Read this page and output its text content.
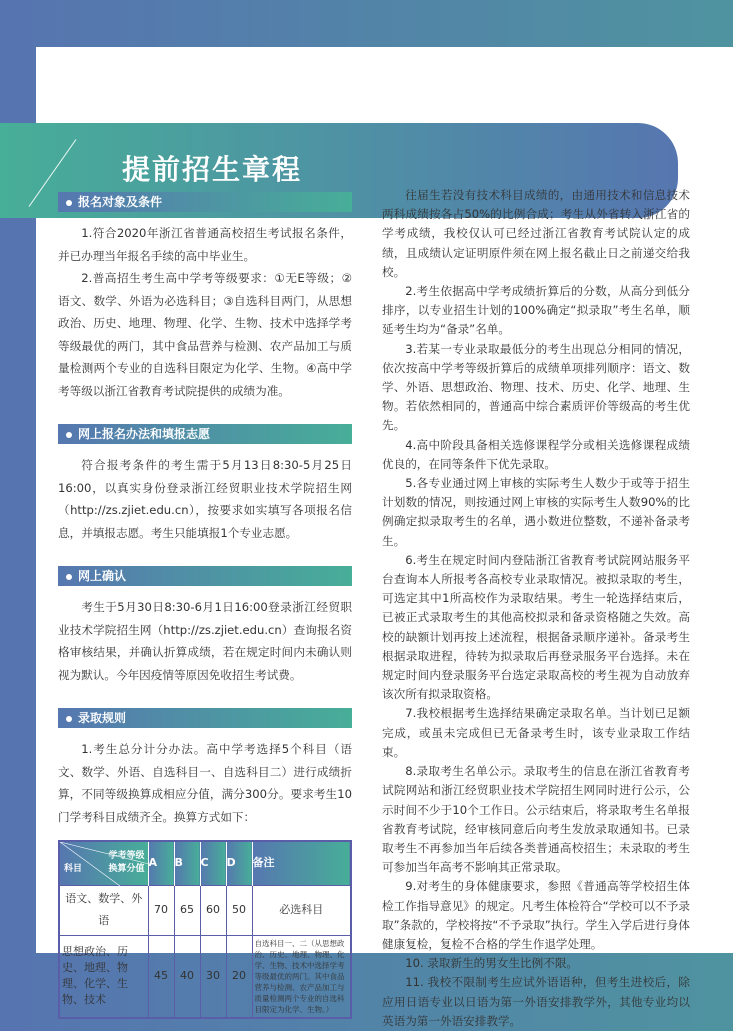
提前招生章程
报名对象及条件

1.符合2020年浙江省普通高校招生考试报名条件，并已办理当年报名手续的高中毕业生。

2.普高招生考生高中学考等级要求：①无E等级；②语文、数学、外语为必选科目；③自选科目两门，从思想政治、历史、地理、物理、化学、生物、技术中选择学考等级最优的两门，其中食品营养与检测、农产品加工与质量检测两个专业的自选科目限定为化学、生物。④高中学考等级以浙江省教育考试院提供的成绩为准。

网上报名办法和填报志愿

符合报考条件的考生需于5月13日8:30-5月25日16:00，以真实身份登录浙江经贸职业技术学院招生网（http://zs.zjiet.edu.cn），按要求如实填写各项报名信息，并填报志愿。考生只能填报1个专业志愿。

网上确认

考生于5月30日8:30-6月1日16:00登录浙江经贸职业技术学院招生网（http://zs.zjiet.edu.cn）查询报名资格审核结果，并确认折算成绩，若在规定时间内未确认则视为默认。今年因疫情等原因免收招生考试费。

录取规则

1.考生总分计分办法。高中学考选择5个科目（语文、数学、外语、自选科目一、自选科目二）进行成绩折算，不同等级换算成相应分值，满分300分。要求考生10门学考科目成绩齐全。换算方式如下：

学考等级
科目 换算分值	A	B	C	D	备注
语文、数学、外语	70	65	60	50	必选科目
思想政治、历史、地理、物理、化学、生物、技术	45	40	30	20	自选科目一、二（从思想政治、历史、地理、物理、化学、生物、技术中选择学考等级最优的两门。其中食品营养与检测、农产品加工与质量检测两个专业的自选科目限定为化学、生物。）

往届生若没有技术科目成绩的，由通用技术和信息技术两科成绩按各占50%的比例合成；考生从外省转入浙江省的学考成绩，我校仅认可已经过浙江省教育考试院认定的成绩，且成绩认定证明原件须在网上报名截止日之前递交给我校。

2.考生依据高中学考成绩折算后的分数，从高分到低分排序，以专业招生计划的100%确定“拟录取”考生名单，顺延考生均为“备录”名单。

3.若某一专业录取最低分的考生出现总分相同的情况，依次按高中学考等级折算后的成绩单项排列顺序：语文、数学、外语、思想政治、物理、技术、历史、化学、地理、生物。若依然相同的，普通高中综合素质评价等级高的考生优先。

4.高中阶段具备相关选修课程学分或相关选修课程成绩优良的，在同等条件下优先录取。

5.各专业通过网上审核的实际考生人数少于或等于招生计划数的情况，则按通过网上审核的实际考生人数90%的比例确定拟录取考生的名单，遇小数进位整数，不递补备录考生。

6.考生在规定时间内登陆浙江省教育考试院网站服务平台查询本人所报考各高校专业录取情况。被拟录取的考生，可选定其中1所高校作为录取结果。考生一轮选择结束后，已被正式录取考生的其他高校拟录和备录资格随之失效。高校的缺额计划再按上述流程，根据备录顺序递补。备录考生根据录取进程，待转为拟录取后再登录服务平台选择。未在规定时间内登录服务平台选定录取高校的考生视为自动放弃该次所有拟录取资格。

7.我校根据考生选择结果确定录取名单。当计划已足额完成，或虽未完成但已无备录考生时，该专业录取工作结束。

8.录取考生名单公示。录取考生的信息在浙江省教育考试院网站和浙江经贸职业技术学院招生网同时进行公示，公示时间不少于10个工作日。公示结束后，将录取考生名单报省教育考试院，经审核同意后向考生发放录取通知书。已录取考生不再参加当年后续各类普通高校招生；未录取的考生可参加当年高考不影响其正常录取。

9.对考生的身体健康要求，参照《普通高等学校招生体检工作指导意见》的规定。凡考生体检符合“学校可以不予录取”条款的，学校将按“不予录取”执行。学生入学后进行身体健康复检，复检不合格的学生作退学处理。

10. 录取新生的男女生比例不限。

11. 我校不限制考生应试外语语种，但考生进校后，除应用日语专业以日语为第一外语安排教学外，其他专业均以英语为第一外语安排教学。
